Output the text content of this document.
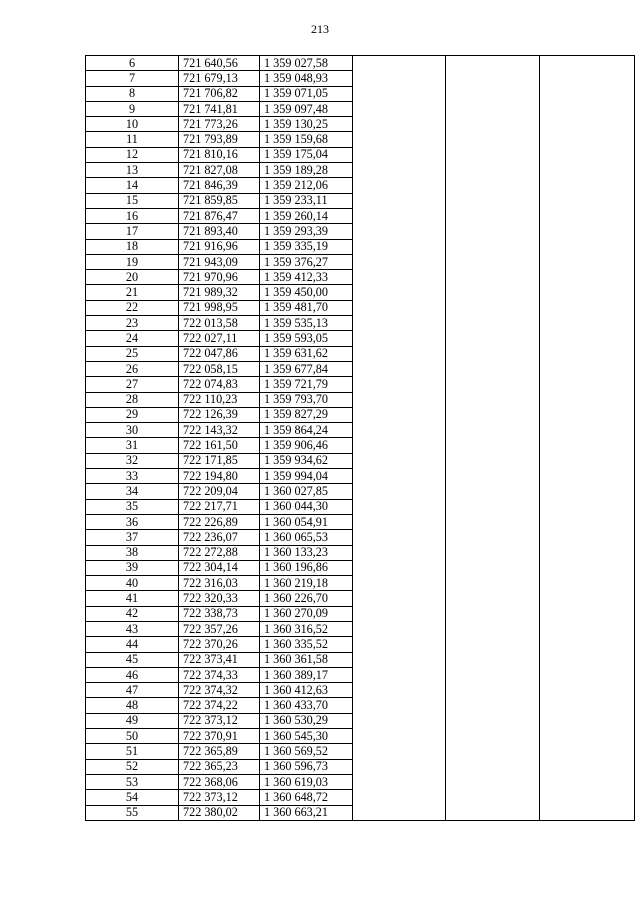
213
6	721 640,56	1 359 027,58			
7	721 679,13	1 359 048,93			
8	721 706,82	1 359 071,05			
9	721 741,81	1 359 097,48			
10	721 773,26	1 359 130,25			
11	721 793,89	1 359 159,68			
12	721 810,16	1 359 175,04			
13	721 827,08	1 359 189,28			
14	721 846,39	1 359 212,06			
15	721 859,85	1 359 233,11			
16	721 876,47	1 359 260,14			
17	721 893,40	1 359 293,39			
18	721 916,96	1 359 335,19			
19	721 943,09	1 359 376,27			
20	721 970,96	1 359 412,33			
21	721 989,32	1 359 450,00			
22	721 998,95	1 359 481,70			
23	722 013,58	1 359 535,13			
24	722 027,11	1 359 593,05			
25	722 047,86	1 359 631,62			
26	722 058,15	1 359 677,84			
27	722 074,83	1 359 721,79			
28	722 110,23	1 359 793,70			
29	722 126,39	1 359 827,29			
30	722 143,32	1 359 864,24			
31	722 161,50	1 359 906,46			
32	722 171,85	1 359 934,62			
33	722 194,80	1 359 994,04			
34	722 209,04	1 360 027,85			
35	722 217,71	1 360 044,30			
36	722 226,89	1 360 054,91			
37	722 236,07	1 360 065,53			
38	722 272,88	1 360 133,23			
39	722 304,14	1 360 196,86			
40	722 316,03	1 360 219,18			
41	722 320,33	1 360 226,70			
42	722 338,73	1 360 270,09			
43	722 357,26	1 360 316,52			
44	722 370,26	1 360 335,52			
45	722 373,41	1 360 361,58			
46	722 374,33	1 360 389,17			
47	722 374,32	1 360 412,63			
48	722 374,22	1 360 433,70			
49	722 373,12	1 360 530,29			
50	722 370,91	1 360 545,30			
51	722 365,89	1 360 569,52			
52	722 365,23	1 360 596,73			
53	722 368,06	1 360 619,03			
54	722 373,12	1 360 648,72			
55	722 380,02	1 360 663,21			
